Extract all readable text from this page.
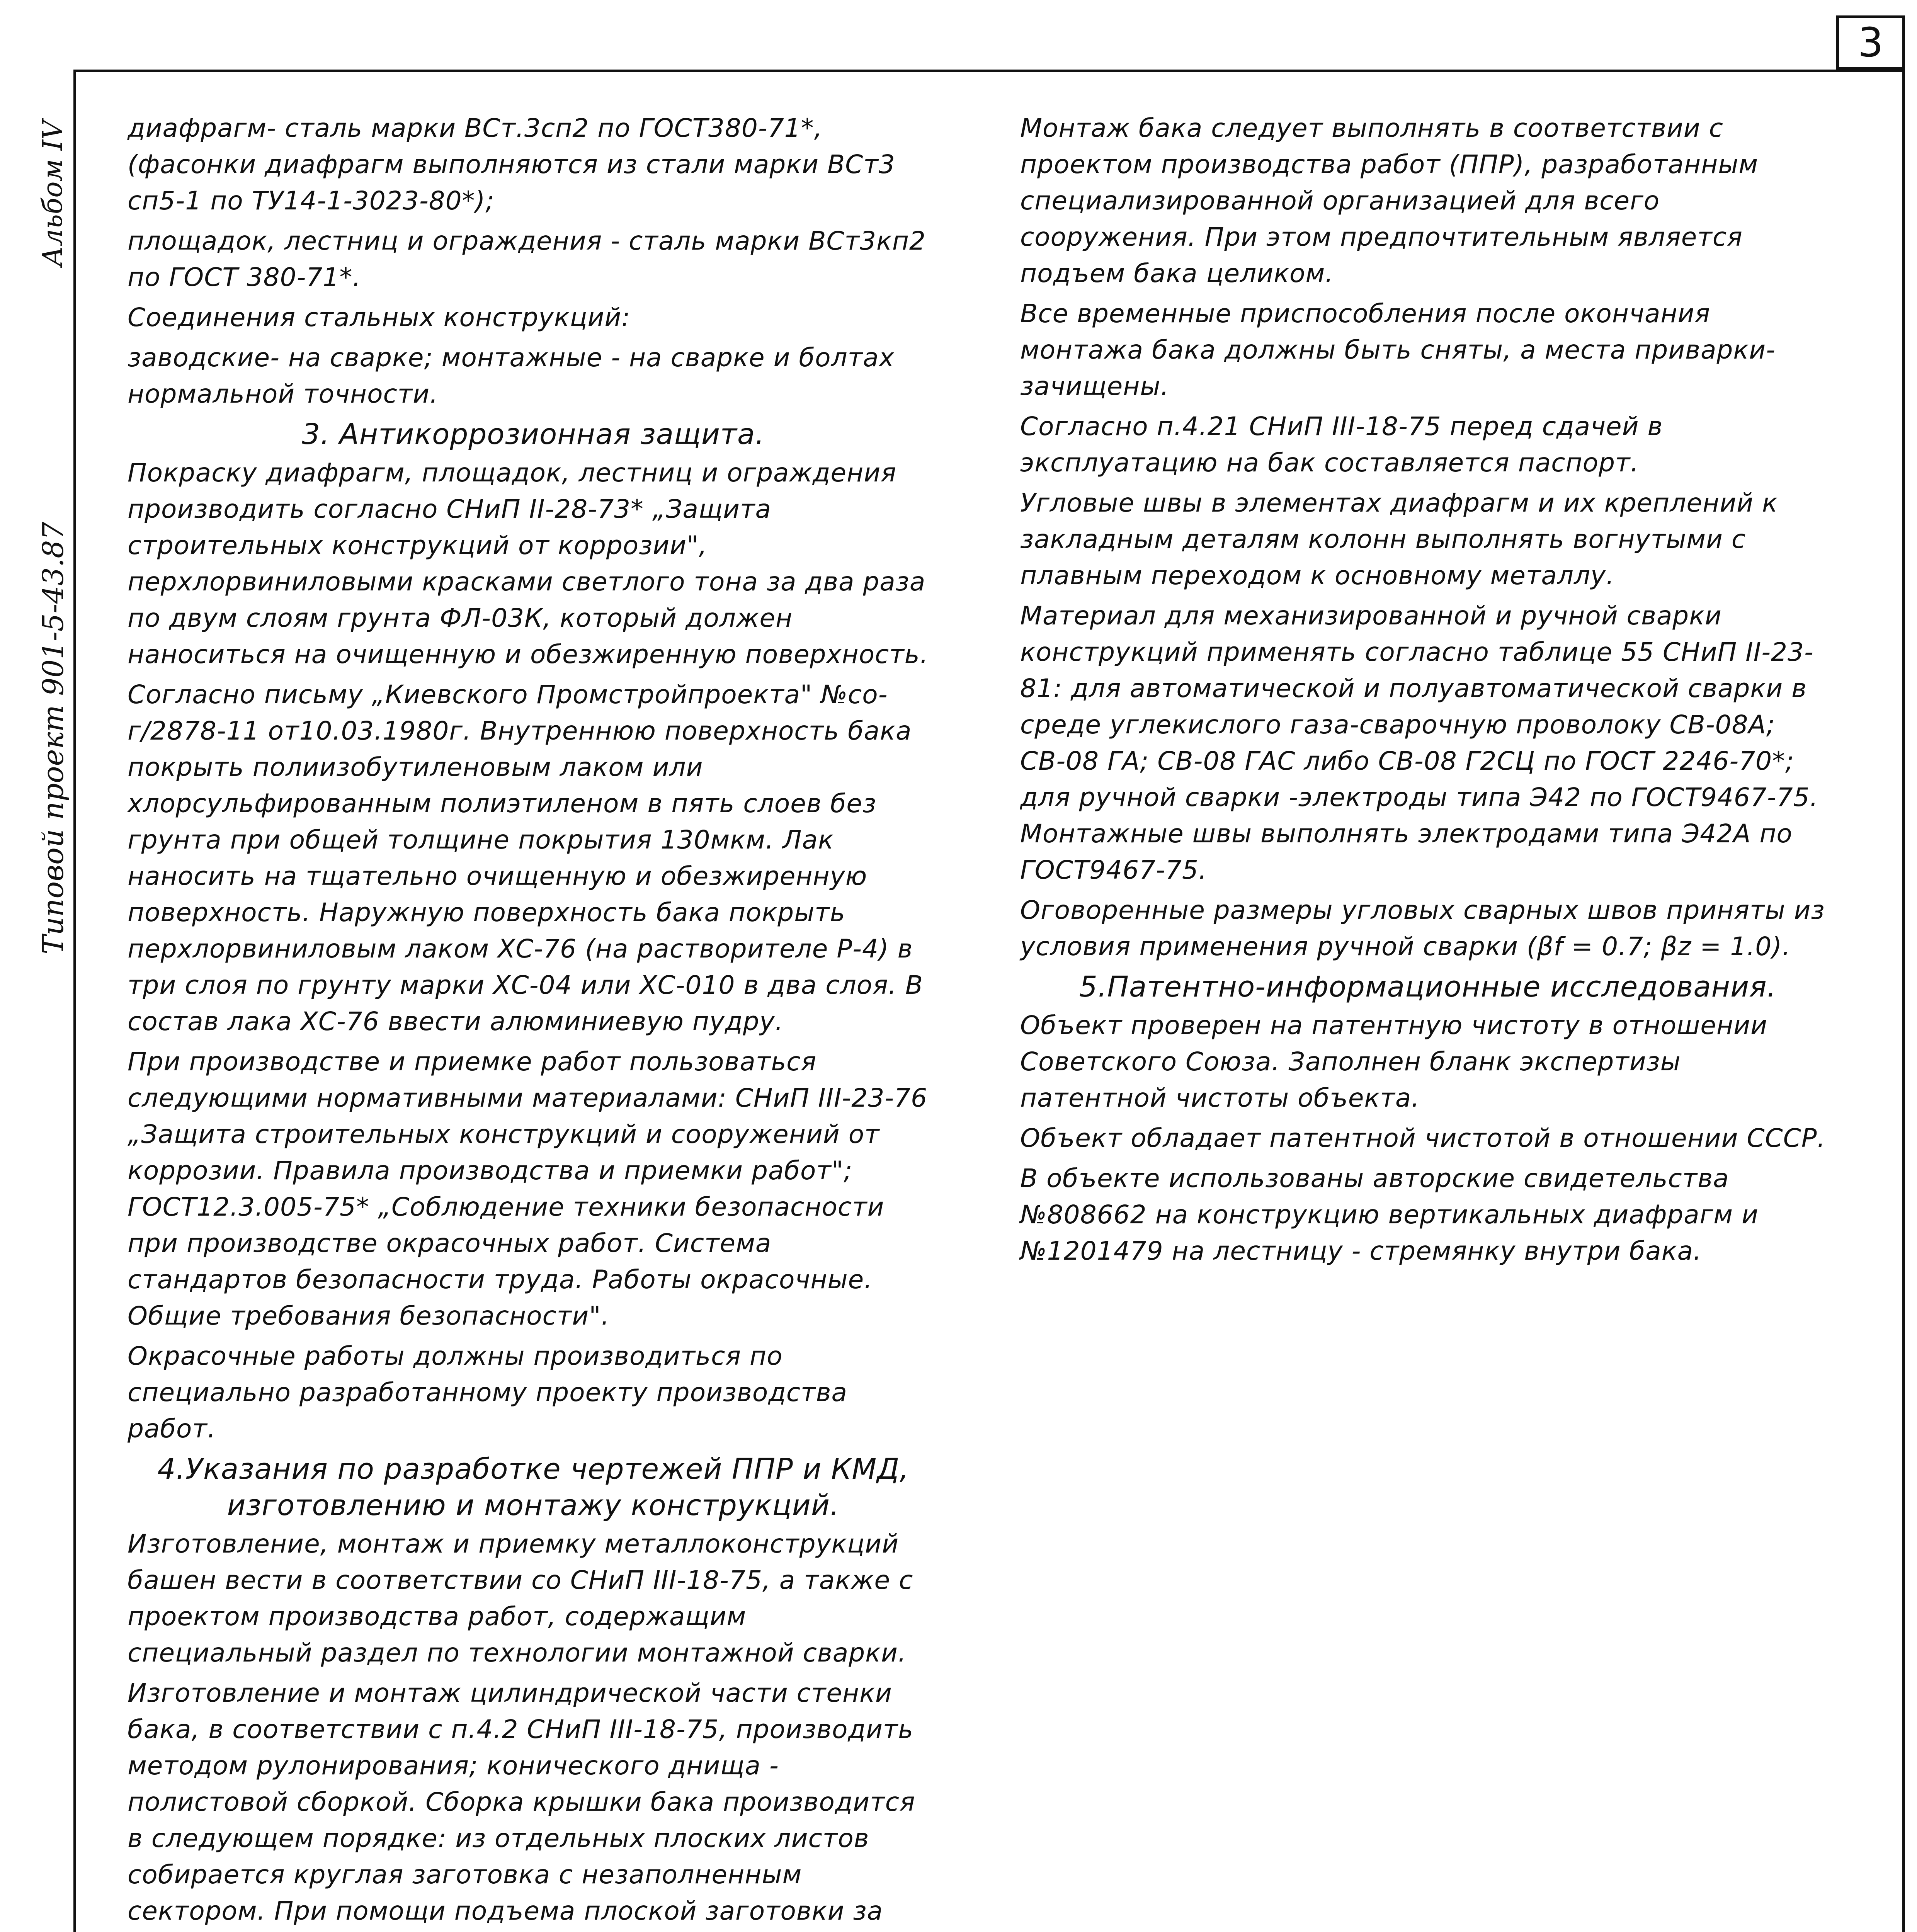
3
Альбом IV
Типовой проект 901-5-43.87

диафрагм- сталь марки ВСт.3сп2 по ГОСТ380-71*, (фасонки диафрагм выполняются из стали марки ВСт3 сп5-1 по ТУ14-1-3023-80*);

площадок, лестниц и ограждения - сталь марки ВСт3кп2 по ГОСТ 380-71*.

Соединения стальных конструкций:

заводские- на сварке; монтажные - на сварке и болтах нормальной точности.

3. Антикоррозионная защита.

Покраску диафрагм, площадок, лестниц и ограждения производить согласно СНиП II-28-73* „Защита строительных конструкций от коррозии", перхлорвиниловыми красками светлого тона за два раза по двум слоям грунта ФЛ-03К, который должен наноситься на очищенную и обезжиренную поверхность.

Согласно письму „Киевского Промстройпроекта" №со-г/2878-11 от10.03.1980г. Внутреннюю поверхность бака покрыть полиизобутиленовым лаком или хлорсульфированным полиэтиленом в пять слоев без грунта при общей толщине покрытия 130мкм. Лак наносить на тщательно очищенную и обезжиренную поверхность. Наружную поверхность бака покрыть перхлорвиниловым лаком ХС-76 (на растворителе Р-4) в три слоя по грунту марки ХС-04 или ХС-010 в два слоя. В состав лака ХС-76 ввести алюминиевую пудру.

При производстве и приемке работ пользоваться следующими нормативными материалами: СНиП III-23-76 „Защита строительных конструкций и сооружений от коррозии. Правила производства и приемки работ"; ГОСТ12.3.005-75* „Соблюдение техники безопасности при производстве окрасочных работ. Система стандартов безопасности труда. Работы окрасочные. Общие требования безопасности".

Окрасочные работы должны производиться по специально разработанному проекту производства работ.

4.Указания по разработке чертежей ППР и КМД, изготовлению и монтажу конструкций.

Изготовление, монтаж и приемку металлоконструкций башен вести в соответствии со СНиП III-18-75, а также с проектом производства работ, содержащим специальный раздел по технологии монтажной сварки.

Изготовление и монтаж цилиндрической части стенки бака, в соответствии с п.4.2 СНиП III-18-75, производить методом рулонирования; конического днища - полистовой сборкой. Сборка крышки бака производится в следующем порядке: из отдельных плоских листов собирается круглая заготовка с незаполненным сектором. При помощи подъема плоской заготовки за

Монтаж бака следует выполнять в соответствии с проектом производства работ (ППР), разработанным специализированной организацией для всего сооружения. При этом предпочтительным является подъем бака целиком.

Все временные приспособления после окончания монтажа бака должны быть сняты, а места приварки- зачищены.

Согласно п.4.21 СНиП III-18-75 перед сдачей в эксплуатацию на бак составляется паспорт.

Угловые швы в элементах диафрагм и их креплений к закладным деталям колонн выполнять вогнутыми с плавным переходом к основному металлу.

Материал для механизированной и ручной сварки конструкций применять согласно таблице 55 СНиП II-23-81: для автоматической и полуавтоматической сварки в среде углекислого газа-сварочную проволоку СВ-08А; СВ-08 ГА; СВ-08 ГАС либо СВ-08 Г2СЦ по ГОСТ 2246-70*; для ручной сварки -электроды типа Э42 по ГОСТ9467-75. Монтажные швы выполнять электродами типа Э42А по ГОСТ9467-75.

Оговоренные размеры угловых сварных швов приняты из условия применения ручной сварки (βf = 0.7; βz = 1.0).

5.Патентно-информационные исследования.

Объект проверен на патентную чистоту в отношении Советского Союза. Заполнен бланк экспертизы патентной чистоты объекта.

Объект обладает патентной чистотой в отношении СССР.

В объекте использованы авторские свидетельства №808662 на конструкцию вертикальных диафрагм и №1201479 на лестницу - стремянку внутри бака.
